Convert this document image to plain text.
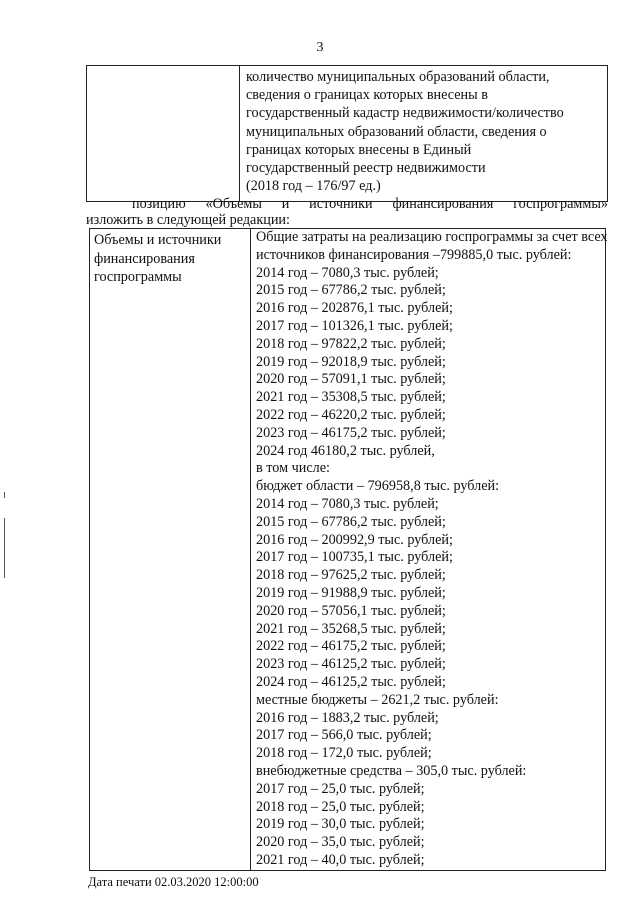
3

количество муниципальных образований области,
сведения о границах которых внесены в
государственный кадастр недвижимости/количество
муниципальных образований области, сведения о
границах которых внесены в Единый
государственный реестр недвижимости
(2018 год – 176/97 ед.)
позицию «Объемы и источники финансирования госпрограммы»
изложить в следующей редакции:
Объемы и источники
финансирования
госпрограммы

Общие затраты на реализацию госпрограммы за счет всех
источников финансирования –799885,0 тыс. рублей:
2014 год – 7080,3 тыс. рублей;
2015 год – 67786,2 тыс. рублей;
2016 год – 202876,1 тыс. рублей;
2017 год – 101326,1 тыс. рублей;
2018 год – 97822,2 тыс. рублей;
2019 год – 92018,9 тыс. рублей;
2020 год – 57091,1 тыс. рублей;
2021 год – 35308,5 тыс. рублей;
2022 год – 46220,2 тыс. рублей;
2023 год – 46175,2 тыс. рублей;
2024 год 46180,2 тыс. рублей,
в том числе:
бюджет области – 796958,8 тыс. рублей:
2014 год – 7080,3 тыс. рублей;
2015 год – 67786,2 тыс. рублей;
2016 год – 200992,9 тыс. рублей;
2017 год – 100735,1 тыс. рублей;
2018 год – 97625,2 тыс. рублей;
2019 год – 91988,9 тыс. рублей;
2020 год – 57056,1 тыс. рублей;
2021 год – 35268,5 тыс. рублей;
2022 год – 46175,2 тыс. рублей;
2023 год – 46125,2 тыс. рублей;
2024 год – 46125,2 тыс. рублей;
местные бюджеты – 2621,2 тыс. рублей:
2016 год – 1883,2 тыс. рублей;
2017 год – 566,0 тыс. рублей;
2018 год – 172,0 тыс. рублей;
внебюджетные средства – 305,0 тыс. рублей:
2017 год – 25,0 тыс. рублей;
2018 год – 25,0 тыс. рублей;
2019 год – 30,0 тыс. рублей;
2020 год – 35,0 тыс. рублей;
2021 год – 40,0 тыс. рублей;
Дата печати 02.03.2020 12:00:00
